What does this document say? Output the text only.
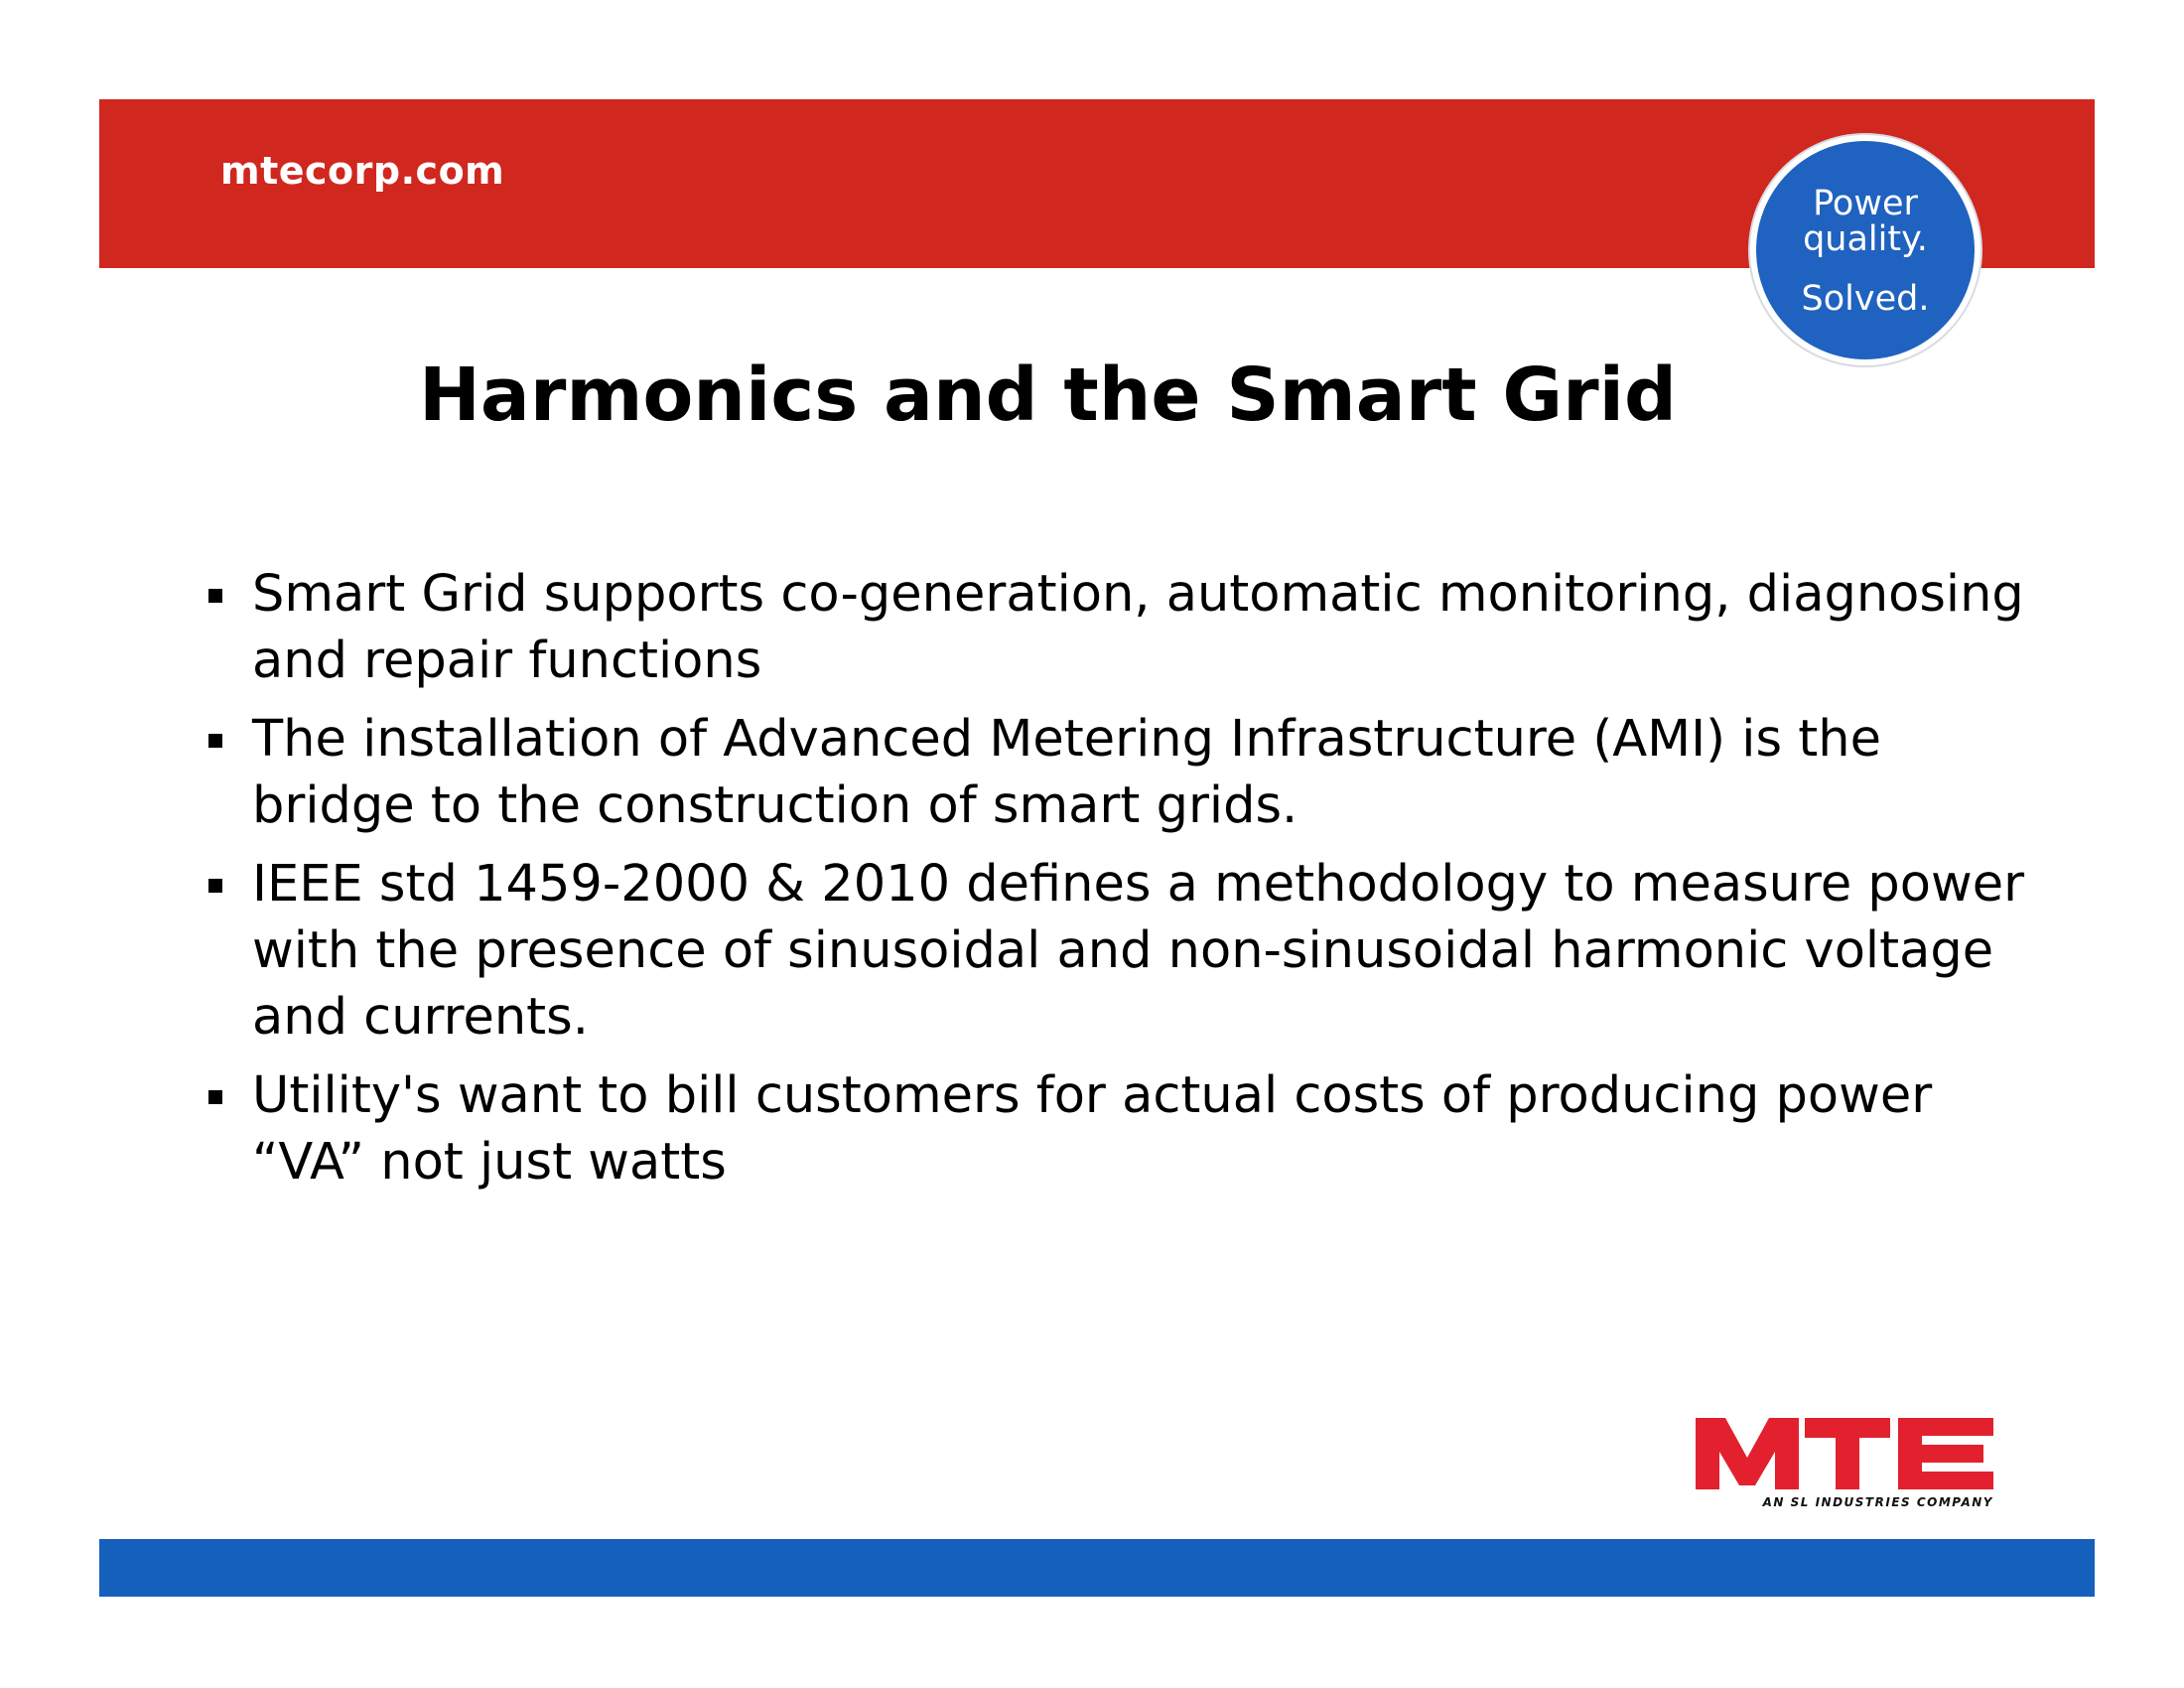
mtecorp.com
Power
quality.
Solved.
Harmonics and the Smart Grid
Smart Grid supports co-generation, automatic monitoring, diagnosing and repair functions
The installation of Advanced Metering Infrastructure (AMI) is the bridge to the construction of smart grids.
IEEE std 1459-2000 & 2010 defines a methodology to measure power with the presence of sinusoidal and non-sinusoidal harmonic voltage and currents.
Utility's want to bill customers for actual costs of producing power “VA” not just watts
AN SL INDUSTRIES COMPANY
